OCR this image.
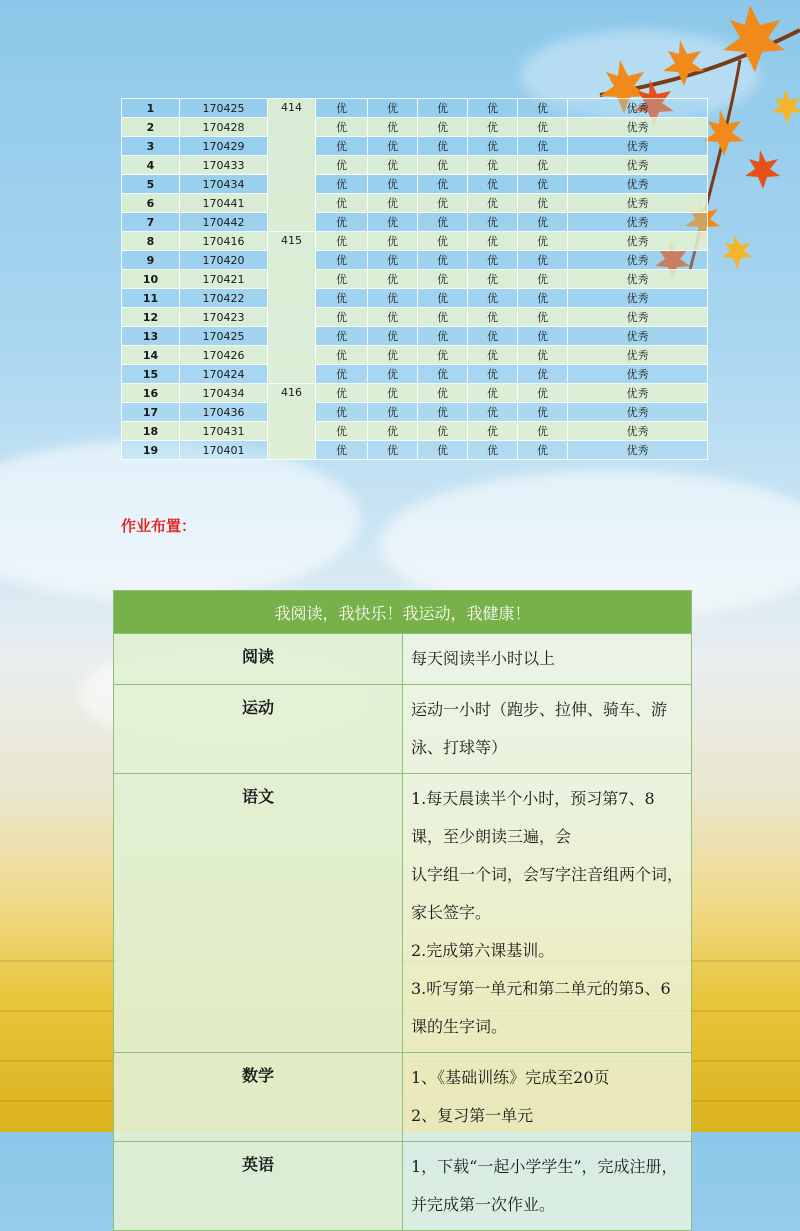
1	170425	414	优	优	优	优	优	优秀
2	170428		优	优	优	优	优	优秀
3	170429		优	优	优	优	优	优秀
4	170433		优	优	优	优	优	优秀
5	170434		优	优	优	优	优	优秀
6	170441		优	优	优	优	优	优秀
7	170442		优	优	优	优	优	优秀
8	170416	415	优	优	优	优	优	优秀
9	170420		优	优	优	优	优	优秀
10	170421		优	优	优	优	优	优秀
11	170422		优	优	优	优	优	优秀
12	170423		优	优	优	优	优	优秀
13	170425		优	优	优	优	优	优秀
14	170426		优	优	优	优	优	优秀
15	170424		优	优	优	优	优	优秀
16	170434	416	优	优	优	优	优	优秀
17	170436		优	优	优	优	优	优秀
18	170431		优	优	优	优	优	优秀
19	170401		优	优	优	优	优	优秀
作业布置：
我阅读，我快乐！我运动，我健康！	
阅读	每天阅读半小时以上

运动	运动一小时（跑步、拉伸、骑车、游泳、打球等）

语文	1.每天晨读半个小时，预习第7、8课，至少朗读三遍，会

认字组一个词，会写字注音组两个词，家长签字。

2.完成第六课基训。

3.听写第一单元和第二单元的第5、6课的生字词。

数学	1、《基础训练》完成至20页

2、复习第一单元

英语	1，下载“一起小学学生”，完成注册，并完成第一次作业。
